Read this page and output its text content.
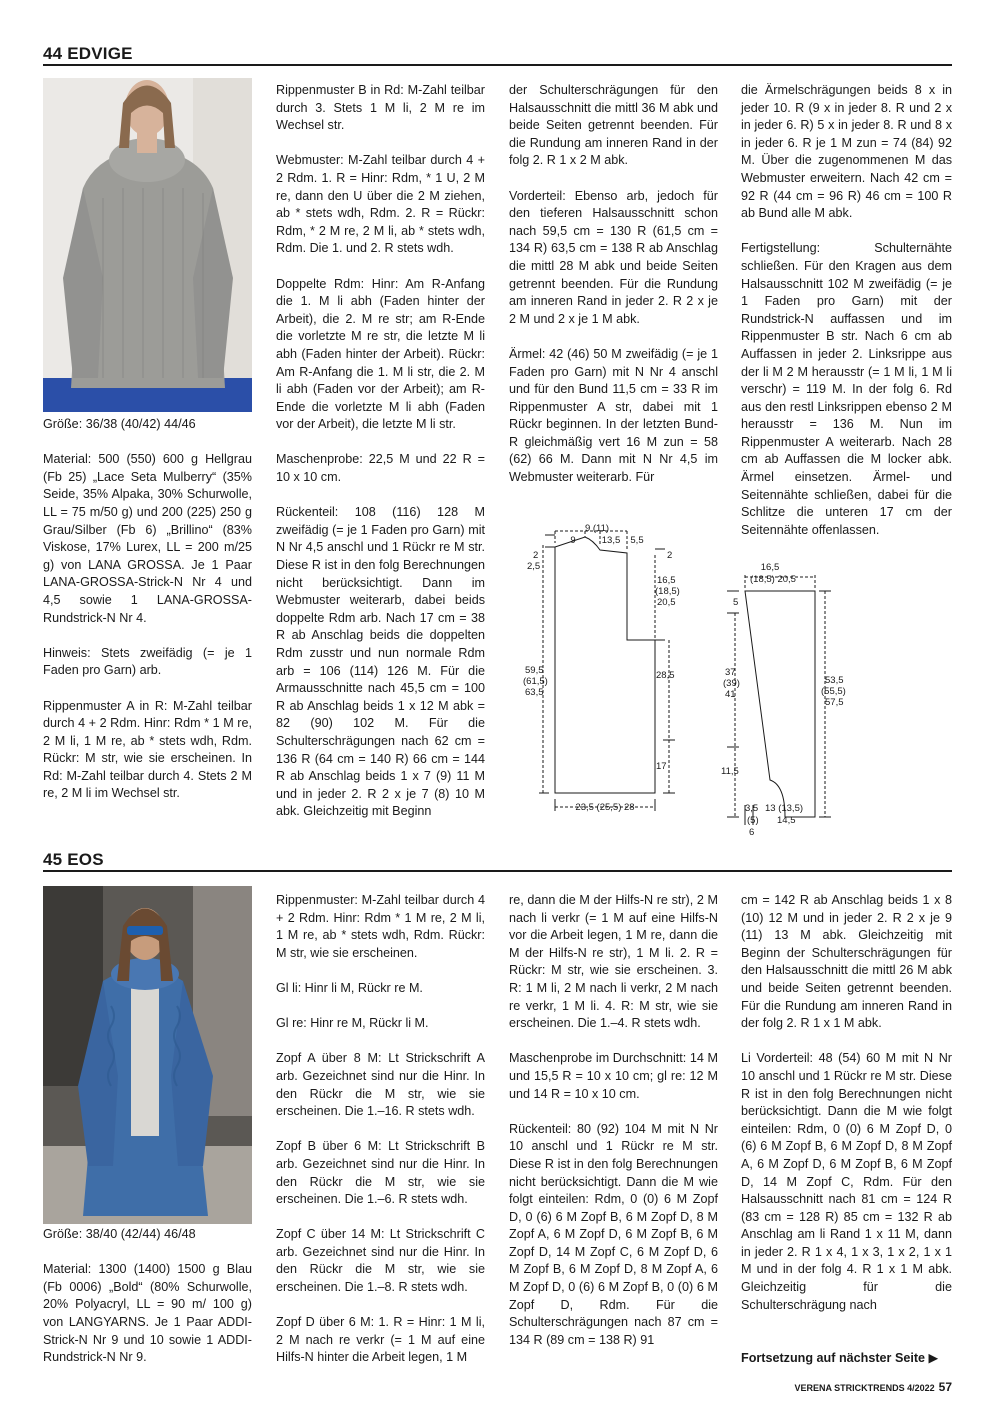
44 EDVIGE

Größe: 36/38 (40/42) 44/46

Material: 500 (550) 600 g Hellgrau (Fb 25) „Lace Seta Mulberry“ (35% Seide, 35% Alpaka, 30% Schurwolle, LL = 75 m/50 g) und 200 (225) 250 g Grau/Silber (Fb 6) „Brillino“ (83% Viskose, 17% Lurex, LL = 200 m/25 g) von LANA GROSSA. Je 1 Paar LANA-GROSSA-Strick-N Nr 4 und 4,5 sowie 1 LANA-GROSSA-Rundstrick-N Nr 4.

Hinweis: Stets zweifädig (= je 1 Faden pro Garn) arb.

Rippenmuster A in R: M-Zahl teilbar durch 4 + 2 Rdm. Hinr: Rdm * 1 M re, 2 M li, 1 M re, ab * stets wdh, Rdm. Rückr: M str, wie sie erscheinen. In Rd: M-Zahl teilbar durch 4. Stets 2 M re, 2 M li im Wechsel str.

Rippenmuster B in Rd: M-Zahl teilbar durch 3. Stets 1 M li, 2 M re im Wechsel str.

Webmuster: M-Zahl teilbar durch 4 + 2 Rdm. 1. R = Hinr: Rdm, * 1 U, 2 M re, dann den U über die 2 M ziehen, ab * stets wdh, Rdm. 2. R = Rückr: Rdm, * 2 M re, 2 M li, ab * stets wdh, Rdm. Die 1. und 2. R stets wdh.

Doppelte Rdm: Hinr: Am R-Anfang die 1. M li abh (Faden hinter der Arbeit), die 2. M re str; am R-Ende die vorletzte M re str, die letzte M li abh (Faden hinter der Arbeit). Rückr: Am R-Anfang die 1. M li str, die 2. M li abh (Faden vor der Arbeit); am R-Ende die vorletzte M li abh (Faden vor der Arbeit), die letzte M li str.

Maschenprobe: 22,5 M und 22 R = 10 x 10 cm.

Rückenteil: 108 (116) 128 M zweifädig (= je 1 Faden pro Garn) mit N Nr 4,5 anschl und 1 Rückr re M str. Diese R ist in den folg Berechnungen nicht berücksichtigt. Dann im Webmuster weiterarb, dabei beids doppelte Rdm arb. Nach 17 cm = 38 R ab Anschlag beids die doppelten Rdm zusstr und nun normale Rdm arb = 106 (114) 126 M. Für die Armausschnitte nach 45,5 cm = 100 R ab Anschlag beids 1 x 12 M abk = 82 (90) 102 M. Für die Schulterschrägungen nach 62 cm = 136 R (64 cm = 140 R) 66 cm = 144 R ab Anschlag beids 1 x 7 (9) 11 M und in jeder 2. R 2 x je 7 (8) 10 M abk. Gleichzeitig mit Beginn

der Schulterschrägungen für den Halsausschnitt die mittl 36 M abk und beide Seiten getrennt beenden. Für die Rundung am inneren Rand in der folg 2. R 1 x 2 M abk.

Vorderteil: Ebenso arb, jedoch für den tieferen Halsausschnitt schon nach 59,5 cm = 130 R (61,5 cm = 134 R) 63,5 cm = 138 R ab Anschlag die mittl 28 M abk und beide Seiten getrennt beenden. Für die Rundung am inneren Rand in jeder 2. R 2 x je 2 M und 2 x je 1 M abk.

Ärmel: 42 (46) 50 M zweifädig (= je 1 Faden pro Garn) mit N Nr 4 anschl und für den Bund 11,5 cm = 33 R im Rippenmuster A str, dabei mit 1 Rückr beginnen. In der letzten Bund-R gleichmäßig vert 16 M zun = 58 (62) 66 M. Dann mit N Nr 4,5 im Webmuster weiterarb. Für

die Ärmelschrägungen beids 8 x in jeder 10. R (9 x in jeder 8. R und 2 x in jeder 6. R) 5 x in jeder 8. R und 8 x in jeder 6. R je 1 M zun = 74 (84) 92 M. Über die zugenommenen M das Webmuster erweitern. Nach 42 cm = 92 R (44 cm = 96 R) 46 cm = 100 R ab Bund alle M abk.

Fertigstellung: Schulternähte schließen. Für den Kragen aus dem Halsausschnitt 102 M zweifädig (= je 1 Faden pro Garn) mit der Rundstrick-N auffassen und im Rippenmuster B str. Nach 6 cm ab Auffassen in jeder 2. Linksrippe aus der li M 2 M herausstr (= 1 M li, 1 M li verschr) = 119 M. In der folg 6. Rd aus den restl Linksrippen ebenso 2 M herausstr = 136 M. Nun im Rippenmuster A weiterarb. Nach 28 cm ab Auffassen die M locker abk. Ärmel einsetzen. Ärmel- und Seitennähte schließen, dabei für die Schlitze die unteren 17 cm der Seitennähte offenlassen.

9 (11)
13,5
9	5,5
2
2,5
2
16,5
(18,5)
20,5
59,5
(61,5)
63,5
28,5
17
23,5 (25,5) 28
16,5
(18,5) 20,5
5
37
(39)
41
53,5
(55,5)
57,5
11,5
3,5
(5)
6
13 (13,5)
14,5
45 EOS

Größe: 38/40 (42/44) 46/48

Material: 1300 (1400) 1500 g Blau (Fb 0006) „Bold“ (80% Schurwolle, 20% Polyacryl, LL = 90 m/ 100 g) von LANGYARNS. Je 1 Paar ADDI-Strick-N Nr 9 und 10 sowie 1 ADDI-Rundstrick-N Nr 9.

Rippenmuster: M-Zahl teilbar durch 4 + 2 Rdm. Hinr: Rdm * 1 M re, 2 M li, 1 M re, ab * stets wdh, Rdm. Rückr: M str, wie sie erscheinen.

Gl li: Hinr li M, Rückr re M.

Gl re: Hinr re M, Rückr li M.

Zopf A über 8 M: Lt Strickschrift A arb. Gezeichnet sind nur die Hinr. In den Rückr die M str, wie sie erscheinen. Die 1.–16. R stets wdh.

Zopf B über 6 M: Lt Strickschrift B arb. Gezeichnet sind nur die Hinr. In den Rückr die M str, wie sie erscheinen. Die 1.–6. R stets wdh.

Zopf C über 14 M: Lt Strickschrift C arb. Gezeichnet sind nur die Hinr. In den Rückr die M str, wie sie erscheinen. Die 1.–8. R stets wdh.

Zopf D über 6 M: 1. R = Hinr: 1 M li, 2 M nach re verkr (= 1 M auf eine Hilfs-N hinter die Arbeit legen, 1 M

re, dann die M der Hilfs-N re str), 2 M nach li verkr (= 1 M auf eine Hilfs-N vor die Arbeit legen, 1 M re, dann die M der Hilfs-N re str), 1 M li. 2. R = Rückr: M str, wie sie erscheinen. 3. R: 1 M li, 2 M nach li verkr, 2 M nach re verkr, 1 M li. 4. R: M str, wie sie erscheinen. Die 1.–4. R stets wdh.

Maschenprobe im Durchschnitt: 14 M und 15,5 R = 10 x 10 cm; gl re: 12 M und 14 R = 10 x 10 cm.

Rückenteil: 80 (92) 104 M mit N Nr 10 anschl und 1 Rückr re M str. Diese R ist in den folg Berechnungen nicht berücksichtigt. Dann die M wie folgt einteilen: Rdm, 0 (0) 6 M Zopf D, 0 (6) 6 M Zopf B, 6 M Zopf D, 8 M Zopf A, 6 M Zopf D, 6 M Zopf B, 6 M Zopf D, 14 M Zopf C, 6 M Zopf D, 6 M Zopf B, 6 M Zopf D, 8 M Zopf A, 6 M Zopf D, 0 (6) 6 M Zopf B, 0 (0) 6 M Zopf D, Rdm. Für die Schulterschrägungen nach 87 cm = 134 R (89 cm = 138 R) 91

cm = 142 R ab Anschlag beids 1 x 8 (10) 12 M und in jeder 2. R 2 x je 9 (11) 13 M abk. Gleichzeitig mit Beginn der Schulterschrägungen für den Halsausschnitt die mittl 26 M abk und beide Seiten getrennt beenden. Für die Rundung am inneren Rand in der folg 2. R 1 x 1 M abk.

Li Vorderteil: 48 (54) 60 M mit N Nr 10 anschl und 1 Rückr re M str. Diese R ist in den folg Berechnungen nicht berücksichtigt. Dann die M wie folgt einteilen: Rdm, 0 (0) 6 M Zopf D, 0 (6) 6 M Zopf B, 6 M Zopf D, 8 M Zopf A, 6 M Zopf D, 6 M Zopf B, 6 M Zopf D, 14 M Zopf C, Rdm. Für den Halsausschnitt nach 81 cm = 124 R (83 cm = 128 R) 85 cm = 132 R ab Anschlag am li Rand 1 x 11 M, dann in jeder 2. R 1 x 4, 1 x 3, 1 x 2, 1 x 1 M und in der folg 4. R 1 x 1 M abk. Gleichzeitig für die Schulterschrägung nach

Fortsetzung auf nächster Seite ▶
VERENA STRICKTRENDS 4/2022 57
